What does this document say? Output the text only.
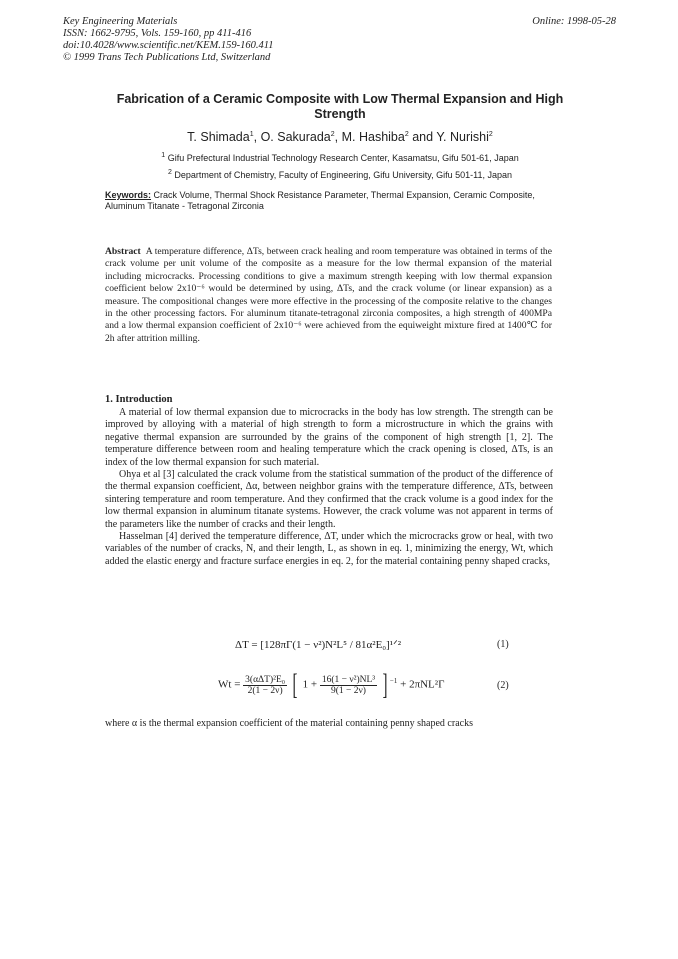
Key Engineering Materials
ISSN: 1662-9795, Vols. 159-160, pp 411-416
doi:10.4028/www.scientific.net/KEM.159-160.411
© 1999 Trans Tech Publications Ltd, Switzerland
Online: 1998-05-28
Fabrication of a Ceramic Composite with Low Thermal Expansion and High Strength
T. Shimada$^1$, O. Sakurada$^2$, M. Hashiba$^2$ and Y. Nurishi$^2$
$^1$ Gifu Prefectural Industrial Technology Research Center, Kasamatsu, Gifu 501-61, Japan
$^2$ Department of Chemistry, Faculty of Engineering, Gifu University, Gifu 501-11, Japan
Keywords: Crack Volume, Thermal Shock Resistance Parameter, Thermal Expansion, Ceramic Composite, Aluminum Titanate - Tetragonal Zirconia
Abstract A temperature difference, ΔTs, between crack healing and room temperature was obtained in terms of the crack volume per unit volume of the composite as a measure for the low thermal expansion of the material including microcracks. Processing conditions to give a maximum strength keeping with low thermal expansion coefficient below 2x10⁻⁶ would be determined by using, ΔTs, and the crack volume (or linear expansion) as a measure. The compositional changes were more effective in the processing of the composite relative to the changes in the other processing factors. For aluminum titanate-tetragonal zirconia composites, a high strength of 400MPa and a low thermal expansion coefficient of 2x10⁻⁶ were achieved from the equiweight mixture fired at 1400℃ for 2h after attrition milling.
1. Introduction

A material of low thermal expansion due to microcracks in the body has low strength. The strength can be improved by alloying with a material of high strength to form a microstructure in which the grains with negative thermal expansion are surrounded by the grains of the component of high strength [1, 2]. The temperature difference between room and healing temperature which the crack opening is closed, ΔTs, is an index of the low thermal expansion for such material.

Ohya et al [3] calculated the crack volume from the statistical summation of the product of the difference of the thermal expansion coefficient, Δα, between neighbor grains with the temperature difference, ΔTs, between sintering temperature and room temperature. And they confirmed that the crack volume is a good index for the low thermal expansion in aluminum titanate systems. However, the crack volume was not apparent in terms of the parameters like the number of cracks and their length.

Hasselman [4] derived the temperature difference, ΔT, under which the microcracks grow or heal, with two variables of the number of cracks, N, and their length, L, as shown in eq. 1, minimizing the energy, Wt, which added the elastic energy and fracture surface energies in eq. 2, for the material containing penny shaped cracks,

ΔT = [128πΓ(1 − ν²)N²L⁵ / 81α²E₀]¹ᐟ²	(1)
$Wt = \frac{\text{3(αΔT)²E₀}}{2(1 - 2\nu)}$ [ $1 + \frac{\text{16(1 − ν²)NL³}}{9(1 - 2\nu)}$ ] $^{-1}$ + 2πNL²Γ	(2)
where α is the thermal expansion coefficient of the material containing penny shaped cracks
